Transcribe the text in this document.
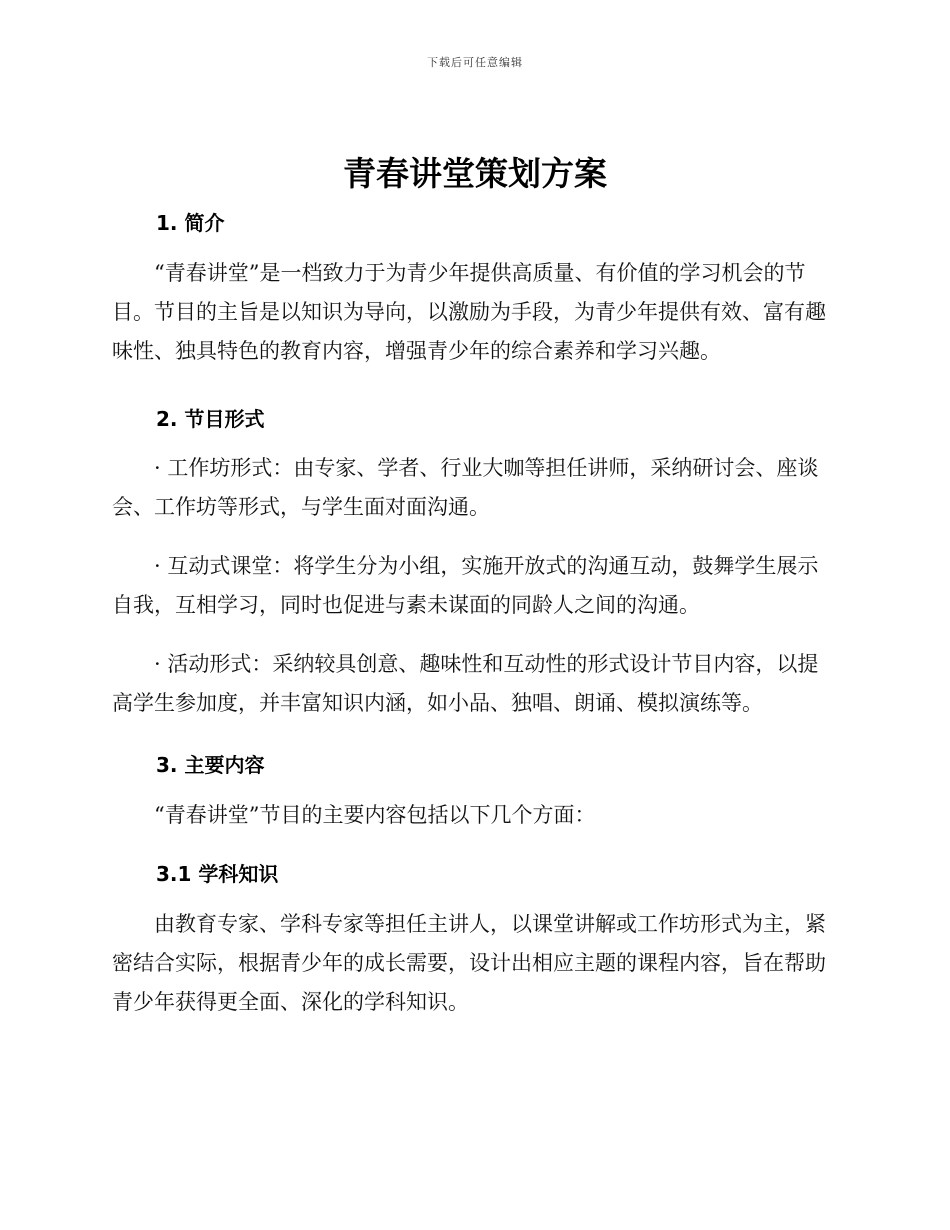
下载后可任意编辑
青春讲堂策划方案
1. 简介

“青春讲堂”是一档致力于为青少年提供高质量、有价值的学习机会的节目。节目的主旨是以知识为导向，以激励为手段，为青少年提供有效、富有趣味性、独具特色的教育内容，增强青少年的综合素养和学习兴趣。

2. 节目形式

· 工作坊形式：由专家、学者、行业大咖等担任讲师，采纳研讨会、座谈会、工作坊等形式，与学生面对面沟通。

· 互动式课堂：将学生分为小组，实施开放式的沟通互动，鼓舞学生展示自我，互相学习，同时也促进与素未谋面的同龄人之间的沟通。

· 活动形式：采纳较具创意、趣味性和互动性的形式设计节目内容，以提高学生参加度，并丰富知识内涵，如小品、独唱、朗诵、模拟演练等。

3. 主要内容

“青春讲堂”节目的主要内容包括以下几个方面：

3.1 学科知识

由教育专家、学科专家等担任主讲人，以课堂讲解或工作坊形式为主，紧密结合实际，根据青少年的成长需要，设计出相应主题的课程内容，旨在帮助青少年获得更全面、深化的学科知识。
